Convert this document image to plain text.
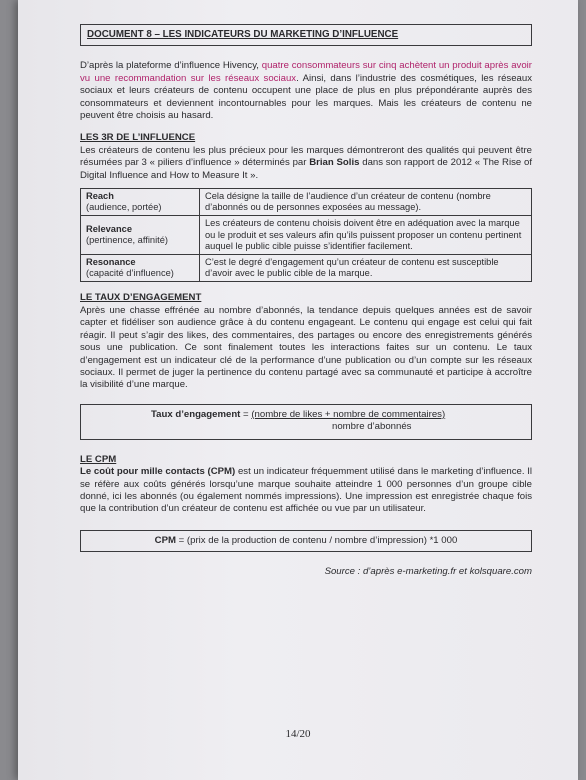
DOCUMENT 8 – LES INDICATEURS DU MARKETING D’INFLUENCE

D’après la plateforme d’influence Hivency, quatre consommateurs sur cinq achètent un produit après avoir vu une recommandation sur les réseaux sociaux. Ainsi, dans l’industrie des cosmétiques, les réseaux sociaux et leurs créateurs de contenu occupent une place de plus en plus prépondérante auprès des consommateurs et deviennent incontournables pour les marques. Mais les créateurs de contenu ne peuvent être choisis au hasard.

LES 3R DE L’INFLUENCE

Les créateurs de contenu les plus précieux pour les marques démontreront des qualités qui peuvent être résumées par 3 « piliers d’influence » déterminés par Brian Solis dans son rapport de 2012 « The Rise of Digital Influence and How to Measure It ».

Reach
(audience, portée)	Cela désigne la taille de l’audience d’un créateur de contenu (nombre d’abonnés ou de personnes exposées au message).

Relevance
(pertinence, affinité)	Les créateurs de contenu choisis doivent être en adéquation avec la marque ou le produit et ses valeurs afin qu’ils puissent proposer un contenu pertinent auquel le public cible puisse s’identifier facilement.

Resonance
(capacité d’influence)	C’est le degré d’engagement qu’un créateur de contenu est susceptible d’avoir avec le public cible de la marque.
LE TAUX D’ENGAGEMENT

Après une chasse effrénée au nombre d’abonnés, la tendance depuis quelques années est de savoir capter et fidéliser son audience grâce à du contenu engageant. Le contenu qui engage est celui qui fait réagir. Il peut s’agir des likes, des commentaires, des partages ou encore des enregistrements générés sous une publication. Ce sont finalement toutes les interactions faites sur un contenu. Le taux d’engagement est un indicateur clé de la performance d’une publication ou d’un compte sur les réseaux sociaux. Il permet de juger la pertinence du contenu partagé avec sa communauté et participe à accroître la visibilité d’une marque.

Taux d’engagement = (nombre de likes + nombre de commentaires)
nombre d’abonnés
LE CPM

Le coût pour mille contacts (CPM) est un indicateur fréquemment utilisé dans le marketing d’influence. Il se réfère aux coûts générés lorsqu’une marque souhaite atteindre 1 000 personnes d’un groupe cible donné, ici les abonnés (ou également nommés impressions). Une impression est enregistrée chaque fois que la contribution d’un créateur de contenu est affichée ou vue par un utilisateur.

CPM = (prix de la production de contenu / nombre d’impression) *1 000
Source : d’après e-marketing.fr et kolsquare.com
14/20
